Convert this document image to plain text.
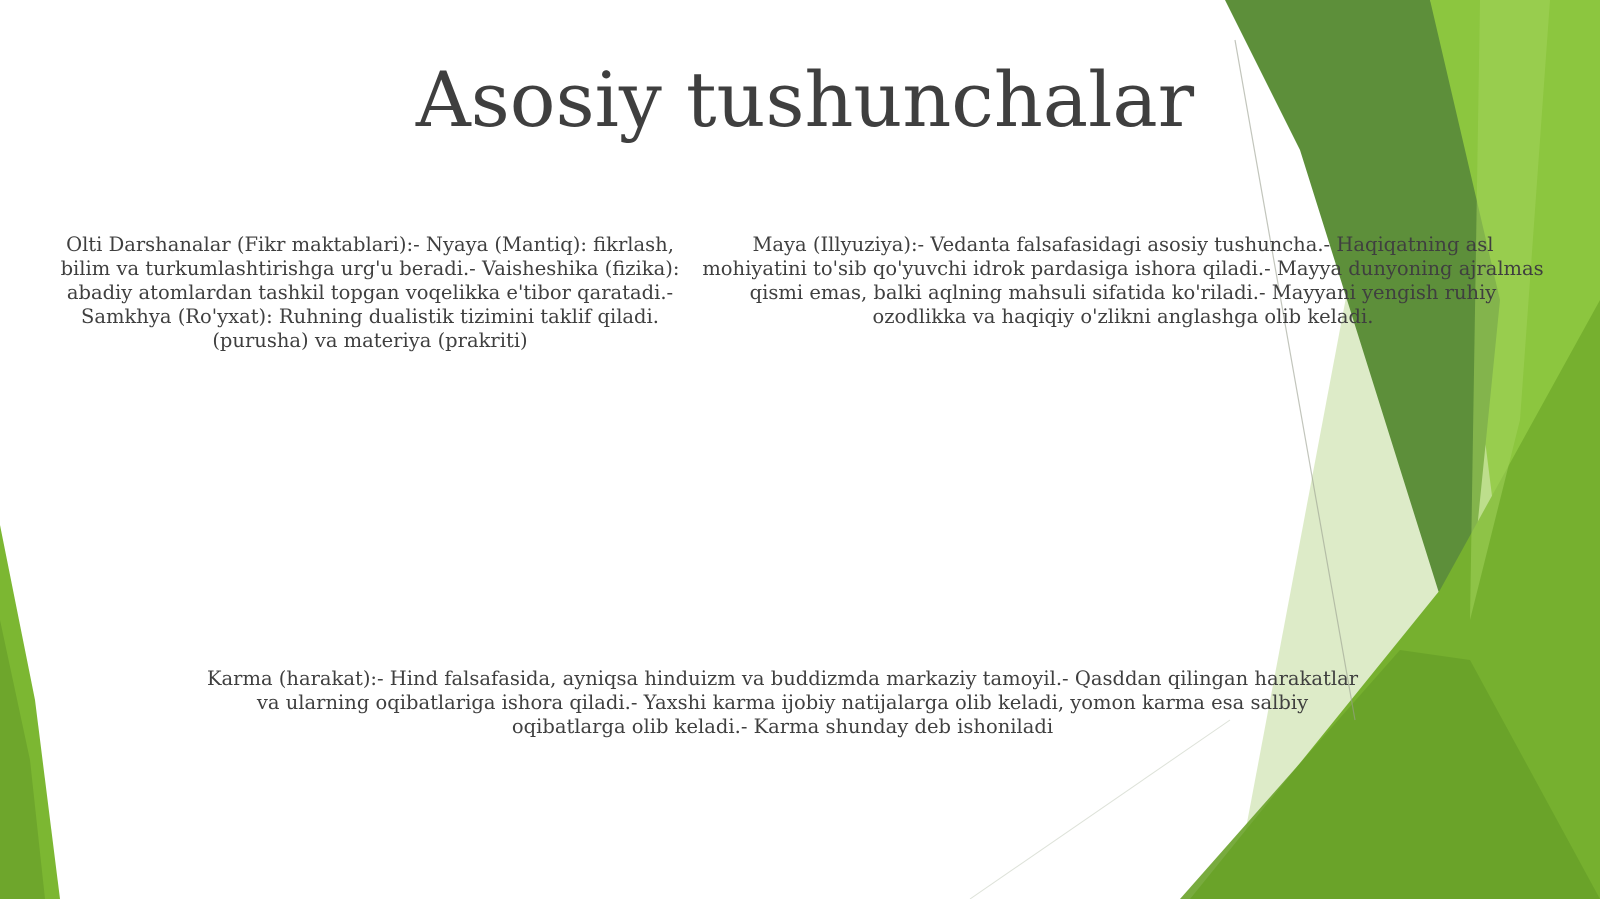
Asosiy tushunchalar

Olti Darshanalar (Fikr maktablari):- Nyaya (Mantiq): fikrlash, bilim va turkumlashtirishga urg'u beradi.- Vaisheshika (fizika): abadiy atomlardan tashkil topgan voqelikka e'tibor qaratadi.- Samkhya (Ro'yxat): Ruhning dualistik tizimini taklif qiladi. (purusha) va materiya (prakriti)

Maya (Illyuziya):- Vedanta falsafasidagi asosiy tushuncha.- Haqiqatning asl mohiyatini to'sib qo'yuvchi idrok pardasiga ishora qiladi.- Mayya dunyoning ajralmas qismi emas, balki aqlning mahsuli sifatida ko'riladi.- Mayyani yengish ruhiy ozodlikka va haqiqiy o'zlikni anglashga olib keladi.

Karma (harakat):- Hind falsafasida, ayniqsa hinduizm va buddizmda markaziy tamoyil.- Qasddan qilingan harakatlar va ularning oqibatlariga ishora qiladi.- Yaxshi karma ijobiy natijalarga olib keladi, yomon karma esa salbiy oqibatlarga olib keladi.- Karma shunday deb ishoniladi
